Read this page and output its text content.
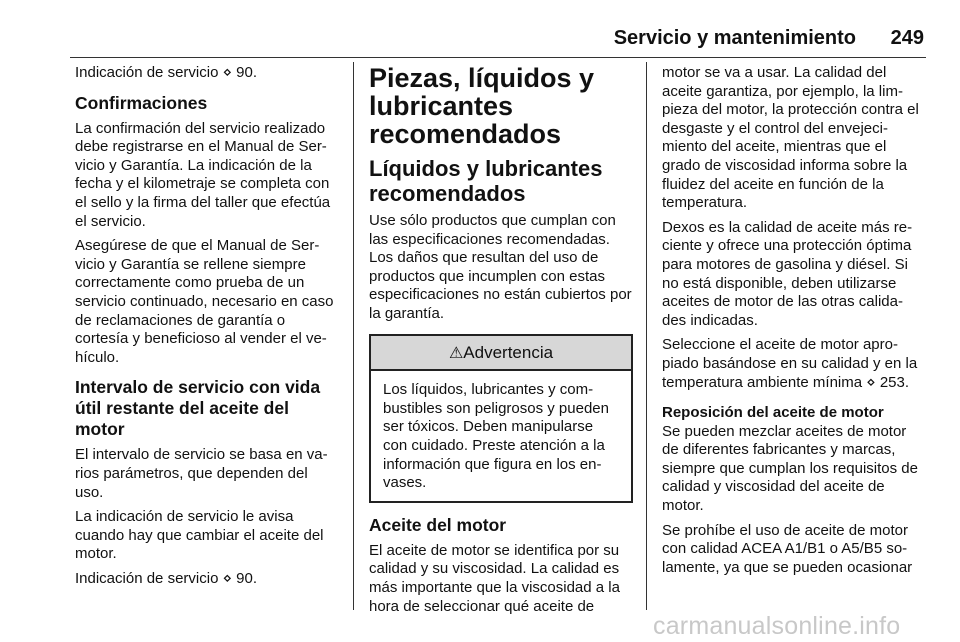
Servicio y mantenimiento 249

Indicación de servicio ⋄ 90.

Confirmaciones

La confirmación del servicio realizado debe registrarse en el Manual de Ser-vicio y Garantía. La indicación de la fecha y el kilometraje se completa con el sello y la firma del taller que efectúa el servicio.

Asegúrese de que el Manual de Ser-vicio y Garantía se rellene siempre correctamente como prueba de un servicio continuado, necesario en caso de reclamaciones de garantía o cortesía y beneficioso al vender el ve-hículo.

Intervalo de servicio con vida útil restante del aceite del motor

El intervalo de servicio se basa en va-rios parámetros, que dependen del uso.

La indicación de servicio le avisa cuando hay que cambiar el aceite del motor.

Indicación de servicio ⋄ 90.

Piezas, líquidos y lubricantes recomendados
Líquidos y lubricantes recomendados

Use sólo productos que cumplan con las especificaciones recomendadas. Los daños que resultan del uso de productos que incumplen con estas especificaciones no están cubiertos por la garantía.

⚠Advertencia
Los líquidos, lubricantes y com-bustibles son peligrosos y pueden ser tóxicos. Deben manipularse con cuidado. Preste atención a la información que figura en los en-vases.
Aceite del motor

El aceite de motor se identifica por su calidad y su viscosidad. La calidad es más importante que la viscosidad a la hora de seleccionar qué aceite de

motor se va a usar. La calidad del aceite garantiza, por ejemplo, la lim-pieza del motor, la protección contra el desgaste y el control del envejeci-miento del aceite, mientras que el grado de viscosidad informa sobre la fluidez del aceite en función de la temperatura.

Dexos es la calidad de aceite más re-ciente y ofrece una protección óptima para motores de gasolina y diésel. Si no está disponible, deben utilizarse aceites de motor de las otras calida-des indicadas.

Seleccione el aceite de motor apro-piado basándose en su calidad y en la temperatura ambiente mínima ⋄ 253.

Reposición del aceite de motor

Se pueden mezclar aceites de motor de diferentes fabricantes y marcas, siempre que cumplan los requisitos de calidad y viscosidad del aceite de motor.

Se prohíbe el uso de aceite de motor con calidad ACEA A1/B1 o A5/B5 so-lamente, ya que se pueden ocasionar

carmanualsonline.info
